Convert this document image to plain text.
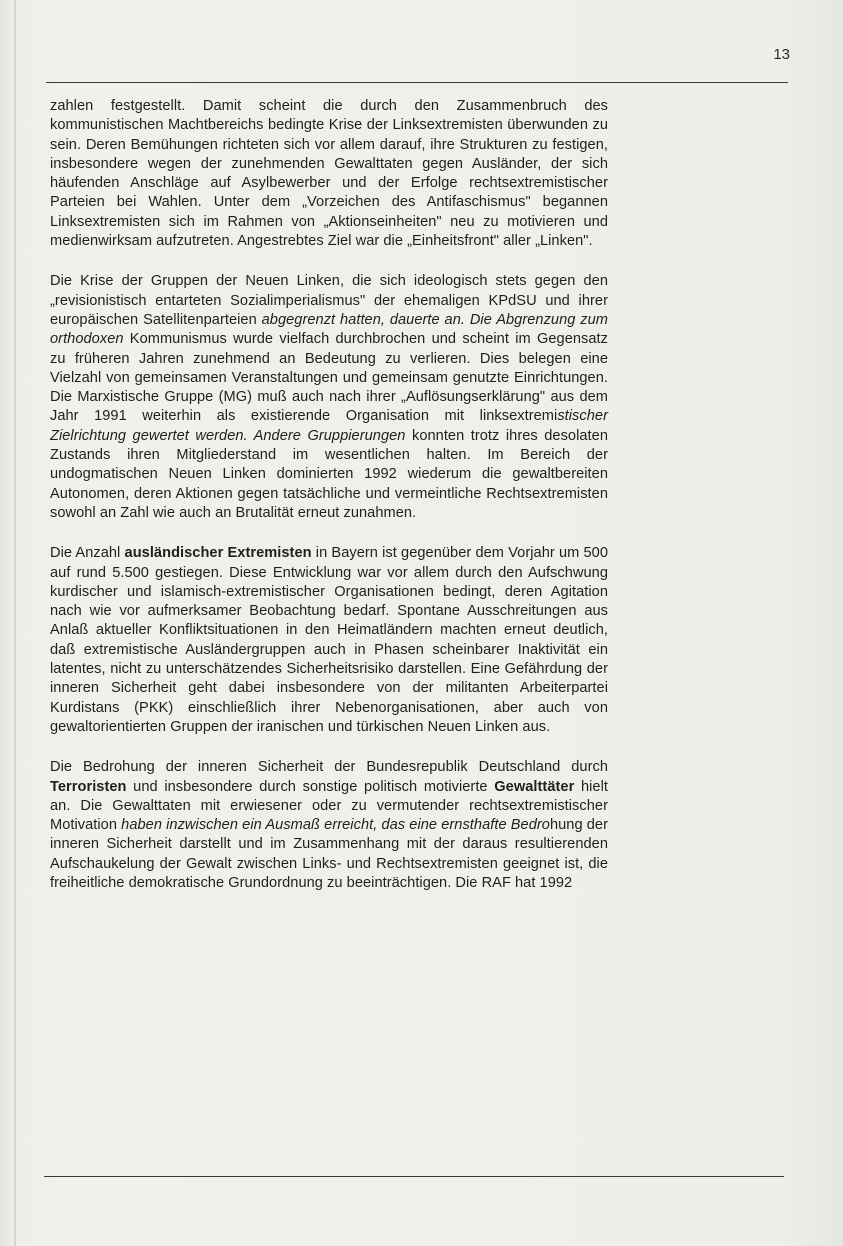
13

zahlen festgestellt. Damit scheint die durch den Zusammenbruch des kommunistischen Machtbereichs bedingte Krise der Linksextremisten überwunden zu sein. Deren Bemühungen richteten sich vor allem darauf, ihre Strukturen zu festigen, insbesondere wegen der zunehmenden Gewalttaten gegen Ausländer, der sich häufenden Anschläge auf Asylbewerber und der Erfolge rechtsextremistischer Parteien bei Wahlen. Unter dem „Vorzeichen des Antifaschismus" begannen Linksextremisten sich im Rahmen von „Aktionseinheiten" neu zu motivieren und medienwirksam aufzutreten. Angestrebtes Ziel war die „Einheitsfront" aller „Linken".

Die Krise der Gruppen der Neuen Linken, die sich ideologisch stets gegen den „revisionistisch entarteten Sozialimperialismus" der ehemaligen KPdSU und ihrer europäischen Satellitenparteien abgegrenzt hatten, dauerte an. Die Abgrenzung zum orthodoxen Kommunismus wurde vielfach durchbrochen und scheint im Gegensatz zu früheren Jahren zunehmend an Bedeutung zu verlieren. Dies belegen eine Vielzahl von gemeinsamen Veranstaltungen und gemeinsam genutzte Einrichtungen. Die Marxistische Gruppe (MG) muß auch nach ihrer „Auflösungserklärung" aus dem Jahr 1991 weiterhin als existierende Organisation mit linksextremistischer Zielrichtung gewertet werden. Andere Gruppierungen konnten trotz ihres desolaten Zustands ihren Mitgliederstand im wesentlichen halten. Im Bereich der undogmatischen Neuen Linken dominierten 1992 wiederum die gewaltbereiten Autonomen, deren Aktionen gegen tatsächliche und vermeintliche Rechtsextremisten sowohl an Zahl wie auch an Brutalität erneut zunahmen.

Die Anzahl ausländischer Extremisten in Bayern ist gegenüber dem Vorjahr um 500 auf rund 5.500 gestiegen. Diese Entwicklung war vor allem durch den Aufschwung kurdischer und islamisch-extremistischer Organisationen bedingt, deren Agitation nach wie vor aufmerksamer Beobachtung bedarf. Spontane Ausschreitungen aus Anlaß aktueller Konfliktsituationen in den Heimatländern machten erneut deutlich, daß extremistische Ausländergruppen auch in Phasen scheinbarer Inaktivität ein latentes, nicht zu unterschätzendes Sicherheitsrisiko darstellen. Eine Gefährdung der inneren Sicherheit geht dabei insbesondere von der militanten Arbeiterpartei Kurdistans (PKK) einschließlich ihrer Nebenorganisationen, aber auch von gewaltorientierten Gruppen der iranischen und türkischen Neuen Linken aus.

Die Bedrohung der inneren Sicherheit der Bundesrepublik Deutschland durch Terroristen und insbesondere durch sonstige politisch motivierte Gewalttäter hielt an. Die Gewalttaten mit erwiesener oder zu vermutender rechtsextremistischer Motivation haben inzwischen ein Ausmaß erreicht, das eine ernsthafte Bedrohung der inneren Sicherheit darstellt und im Zusammenhang mit der daraus resultierenden Aufschaukelung der Gewalt zwischen Links- und Rechtsextremisten geeignet ist, die freiheitliche demokratische Grundordnung zu beeinträchtigen. Die RAF hat 1992
